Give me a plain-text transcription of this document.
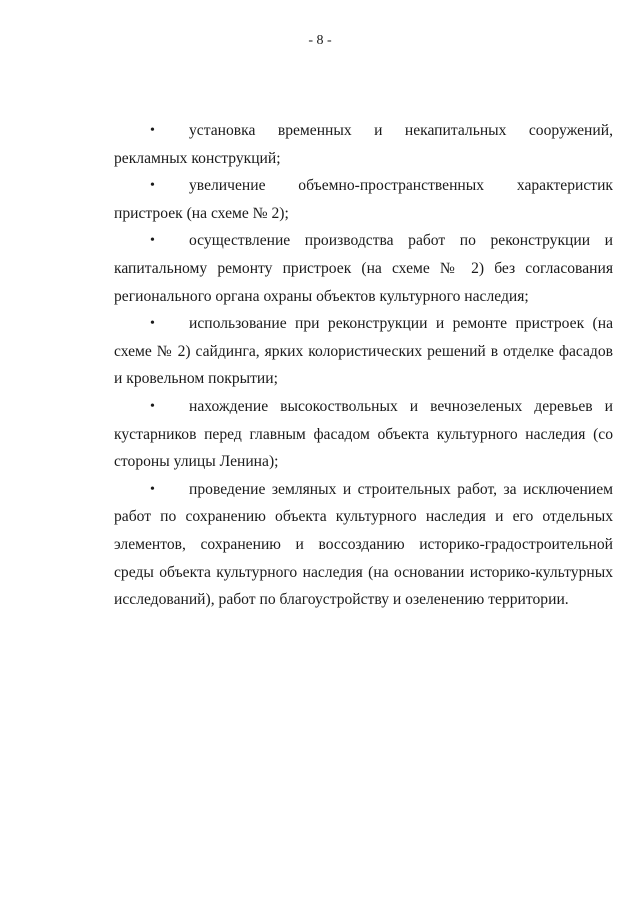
- 8 -

• установка временных и некапитальных сооружений, рекламных конструкций;

• увеличение объемно-пространственных характеристик пристроек (на схеме № 2);

• осуществление производства работ по реконструкции и капитальному ремонту пристроек (на схеме № 2) без согласования регионального органа охраны объектов культурного наследия;

• использование при реконструкции и ремонте пристроек (на схеме № 2) сайдинга, ярких колористических решений в отделке фасадов и кровельном покрытии;

• нахождение высокоствольных и вечнозеленых деревьев и кустарников перед главным фасадом объекта культурного наследия (со стороны улицы Ленина);

• проведение земляных и строительных работ, за исключением работ по сохранению объекта культурного наследия и его отдельных элементов, сохранению и воссозданию историко-градостроительной среды объекта культурного наследия (на основании историко-культурных исследований), работ по благоустройству и озеленению территории.
